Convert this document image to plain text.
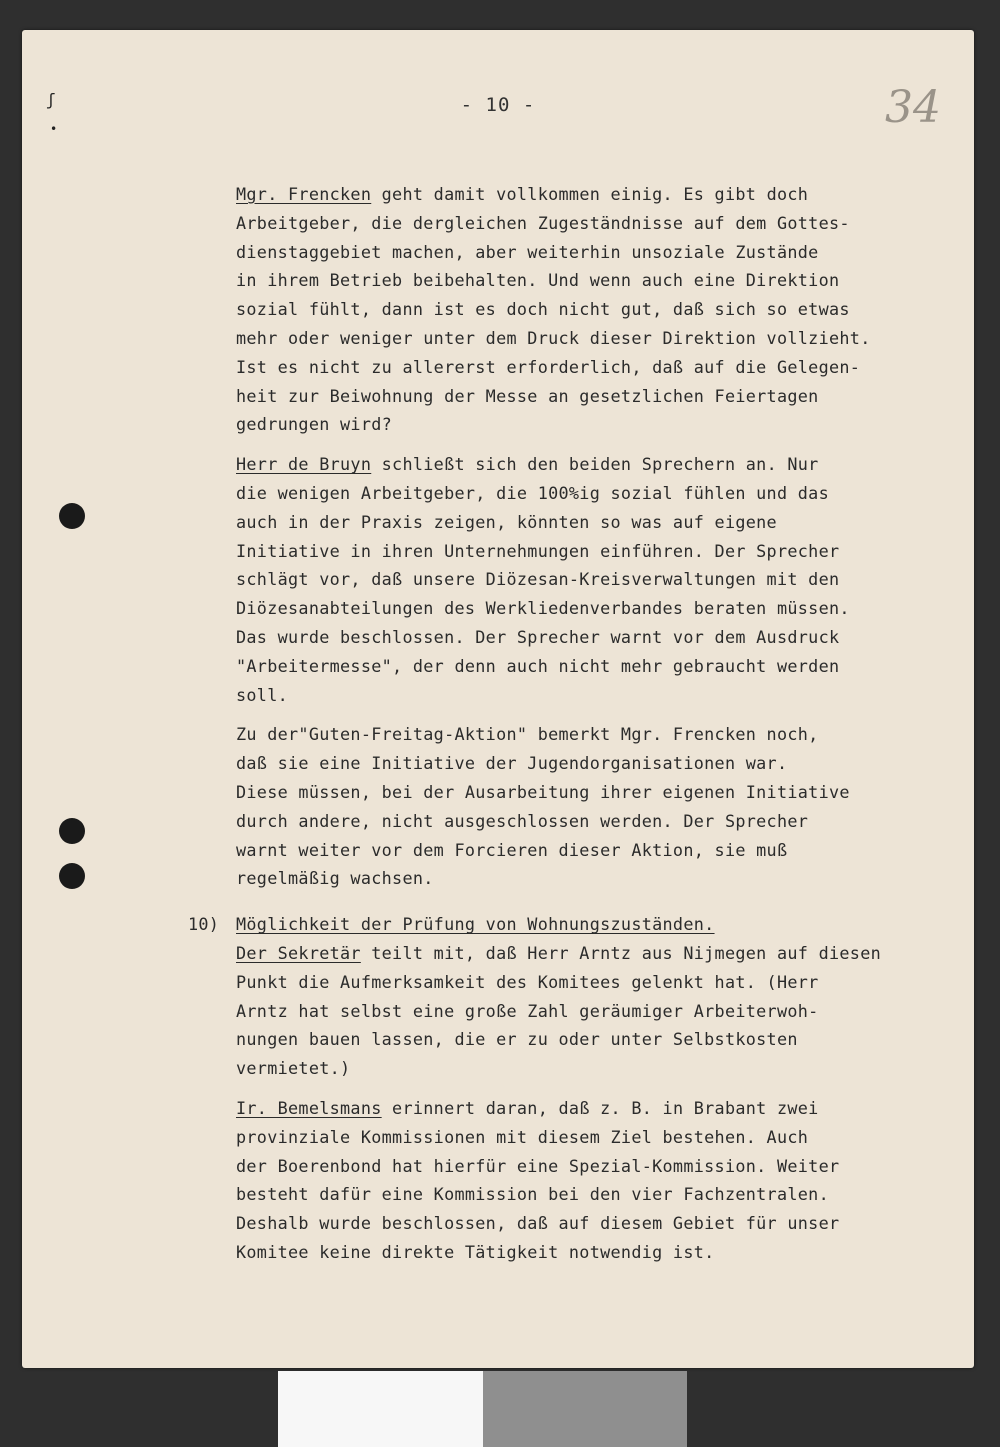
ʃ
•
- 10 -	34

Mgr. Frencken geht damit vollkommen einig. Es gibt doch
Arbeitgeber, die dergleichen Zugeständnisse auf dem Gottes-
dienstaggebiet machen, aber weiterhin unsoziale Zustände
in ihrem Betrieb beibehalten. Und wenn auch eine Direktion
sozial fühlt, dann ist es doch nicht gut, daß sich so etwas
mehr oder weniger unter dem Druck dieser Direktion vollzieht.
Ist es nicht zu allererst erforderlich, daß auf die Gelegen-
heit zur Beiwohnung der Messe an gesetzlichen Feiertagen
gedrungen wird?

Herr de Bruyn schließt sich den beiden Sprechern an. Nur
die wenigen Arbeitgeber, die 100%ig sozial fühlen und das
auch in der Praxis zeigen, könnten so was auf eigene
Initiative in ihren Unternehmungen einführen. Der Sprecher
schlägt vor, daß unsere Diözesan-Kreisverwaltungen mit den
Diözesanabteilungen des Werkliedenverbandes beraten müssen.
Das wurde beschlossen. Der Sprecher warnt vor dem Ausdruck
"Arbeitermesse", der denn auch nicht mehr gebraucht werden
soll.

Zu der"Guten-Freitag-Aktion" bemerkt Mgr. Frencken noch,
daß sie eine Initiative der Jugendorganisationen war.
Diese müssen, bei der Ausarbeitung ihrer eigenen Initiative
durch andere, nicht ausgeschlossen werden. Der Sprecher
warnt weiter vor dem Forcieren dieser Aktion, sie muß
regelmäßig wachsen.

10) Möglichkeit der Prüfung von Wohnungszuständen.

Der Sekretär teilt mit, daß Herr Arntz aus Nijmegen auf diesen
Punkt die Aufmerksamkeit des Komitees gelenkt hat. (Herr
Arntz hat selbst eine große Zahl geräumiger Arbeiterwoh-
nungen bauen lassen, die er zu oder unter Selbstkosten
vermietet.)

Ir. Bemelsmans erinnert daran, daß z. B. in Brabant zwei
provinziale Kommissionen mit diesem Ziel bestehen. Auch
der Boerenbond hat hierfür eine Spezial-Kommission. Weiter
besteht dafür eine Kommission bei den vier Fachzentralen.
Deshalb wurde beschlossen, daß auf diesem Gebiet für unser
Komitee keine direkte Tätigkeit notwendig ist.
